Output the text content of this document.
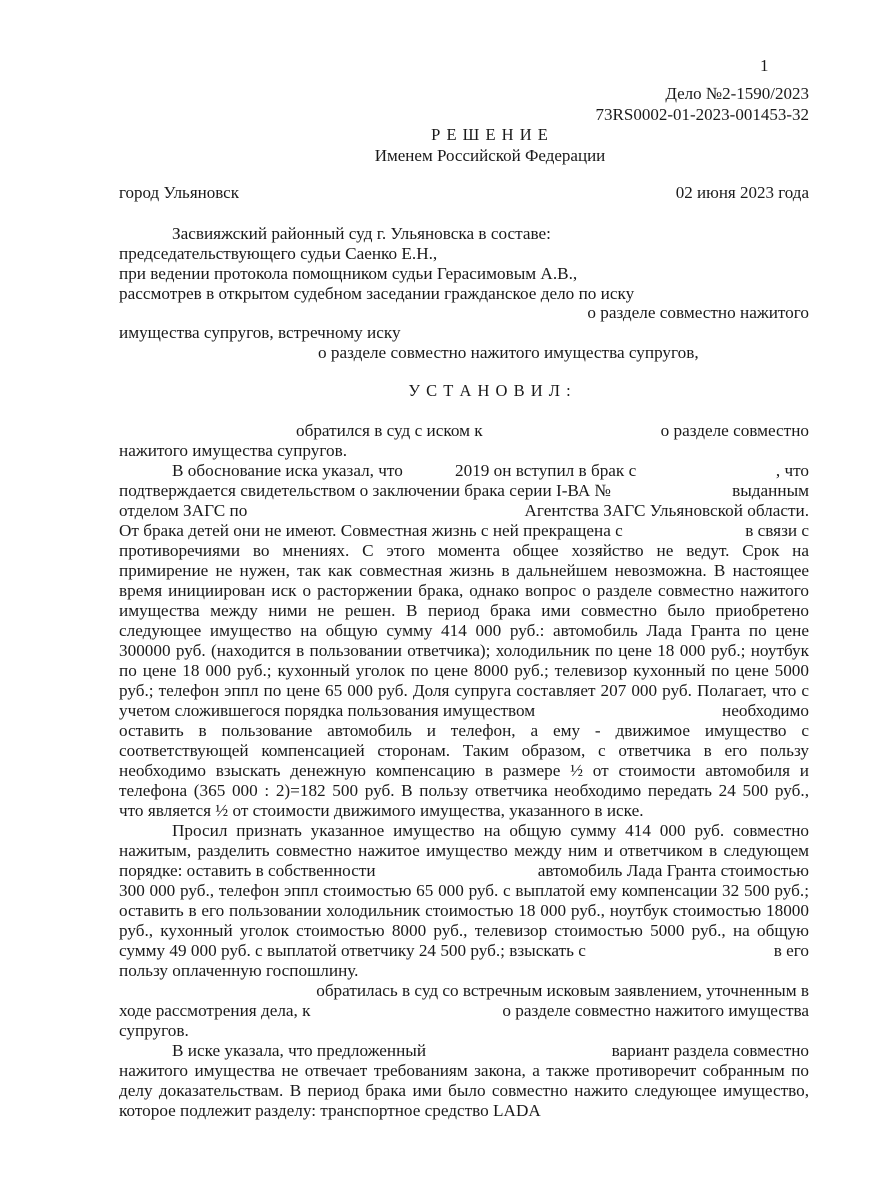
1
Дело №2-1590/2023
73RS0002-01-2023-001453-32
Р Е Ш Е Н И Е
Именем Российской Федерации
город Ульяновск	02 июня 2023 года
Засвияжский районный суд г. Ульяновска в составе:
председательствующего судьи Саенко Е.Н.,
при ведении протокола помощником судьи Герасимовым А.В.,
рассмотрев в открытом судебном заседании гражданское дело по иску
о разделе совместно нажитого
имущества супругов, встречному иску
о разделе совместно нажитого имущества супругов,
У С Т А Н О В И Л :
обратился в суд с иском к	о разделе совместно
нажитого имущества супругов.
В обоснование иска указал, что	2019 он вступил в брак с	, что
подтверждается свидетельством о заключении брака серии I-ВА №	выданным
отделом ЗАГС по	Агентства ЗАГС Ульяновской области.
От брака детей они не имеют. Совместная жизнь с ней прекращена с	в связи с
противоречиями во мнениях. С этого момента общее хозяйство не ведут. Срок на
примирение не нужен, так как совместная жизнь в дальнейшем невозможна. В настоящее
время инициирован иск о расторжении брака, однако вопрос о разделе совместно нажитого
имущества между ними не решен. В период брака ими совместно было приобретено
следующее имущество на общую сумму 414 000 руб.: автомобиль Лада Гранта по цене
300000 руб. (находится в пользовании ответчика); холодильник по цене 18 000 руб.; ноутбук
по цене 18 000 руб.; кухонный уголок по цене 8000 руб.; телевизор кухонный по цене 5000
руб.; телефон эппл по цене 65 000 руб. Доля супруга составляет 207 000 руб. Полагает, что с
учетом сложившегося порядка пользования имуществом	необходимо
оставить в пользование автомобиль и телефон, а ему - движимое имущество с
соответствующей компенсацией сторонам. Таким образом, с ответчика в его пользу
необходимо взыскать денежную компенсацию в размере ½ от стоимости автомобиля и
телефона (365 000 : 2)=182 500 руб. В пользу ответчика необходимо передать 24 500 руб.,
что является ½ от стоимости движимого имущества, указанного в иске.
Просил признать указанное имущество на общую сумму 414 000 руб. совместно
нажитым, разделить совместно нажитое имущество между ним и ответчиком в следующем
порядке: оставить в собственности	автомобиль Лада Гранта стоимостью
300 000 руб., телефон эппл стоимостью 65 000 руб. с выплатой ему компенсации 32 500 руб.;
оставить в его пользовании холодильник стоимостью 18 000 руб., ноутбук стоимостью 18000
руб., кухонный уголок стоимостью 8000 руб., телевизор стоимостью 5000 руб., на общую
сумму 49 000 руб. с выплатой ответчику 24 500 руб.; взыскать с	в его
пользу оплаченную госпошлину.
обратилась в суд со встречным исковым заявлением, уточненным в
ходе рассмотрения дела, к	о разделе совместно нажитого имущества
супругов.
В иске указала, что предложенный	вариант раздела совместно
нажитого имущества не отвечает требованиям закона, а также противоречит собранным по
делу доказательствам. В период брака ими было совместно нажито следующее имущество,
которое подлежит разделу: транспортное средство LADA
